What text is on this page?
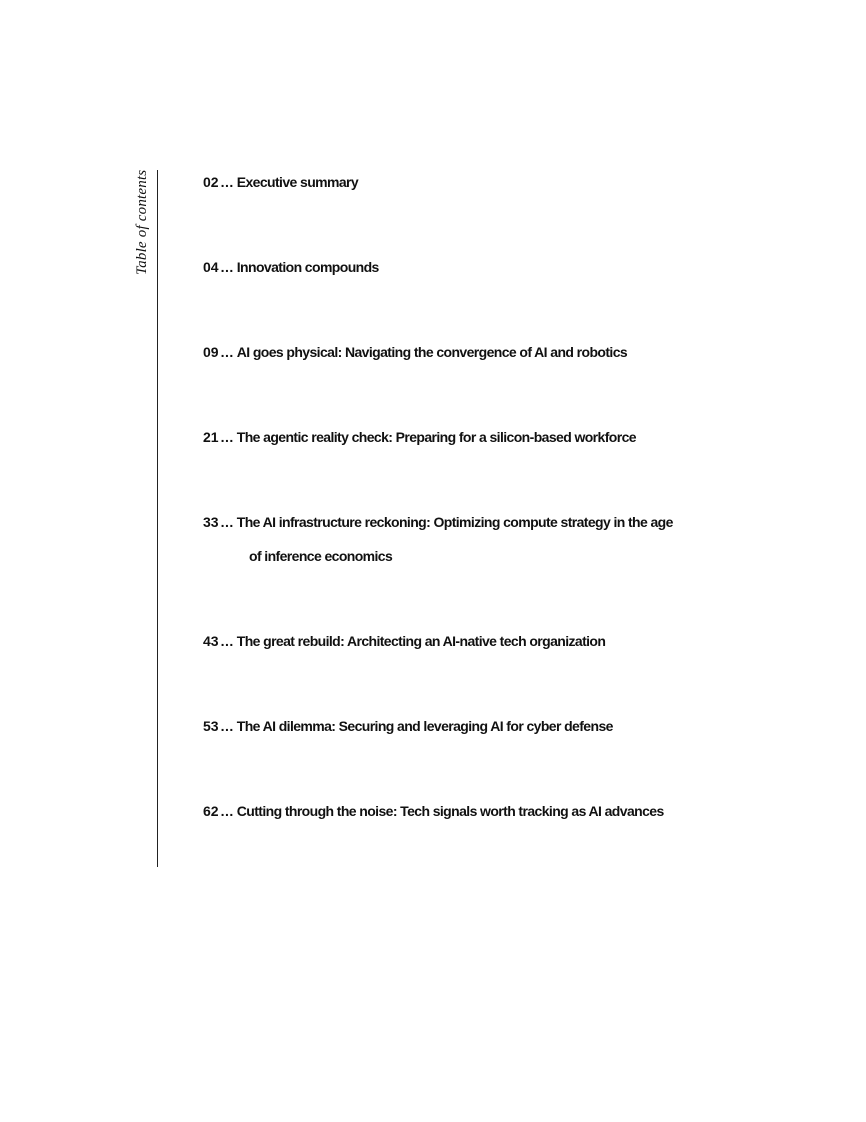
Table of contents	02 ... Executive summary
04 ... Innovation compounds
09 ... AI goes physical: Navigating the convergence of AI and robotics
21 ... The agentic reality check: Preparing for a silicon-based workforce
33 ... The AI infrastructure reckoning: Optimizing compute strategy in the age
of inference economics
43 ... The great rebuild: Architecting an AI-native tech organization
53 ... The AI dilemma: Securing and leveraging AI for cyber defense
62 ... Cutting through the noise: Tech signals worth tracking as AI advances
